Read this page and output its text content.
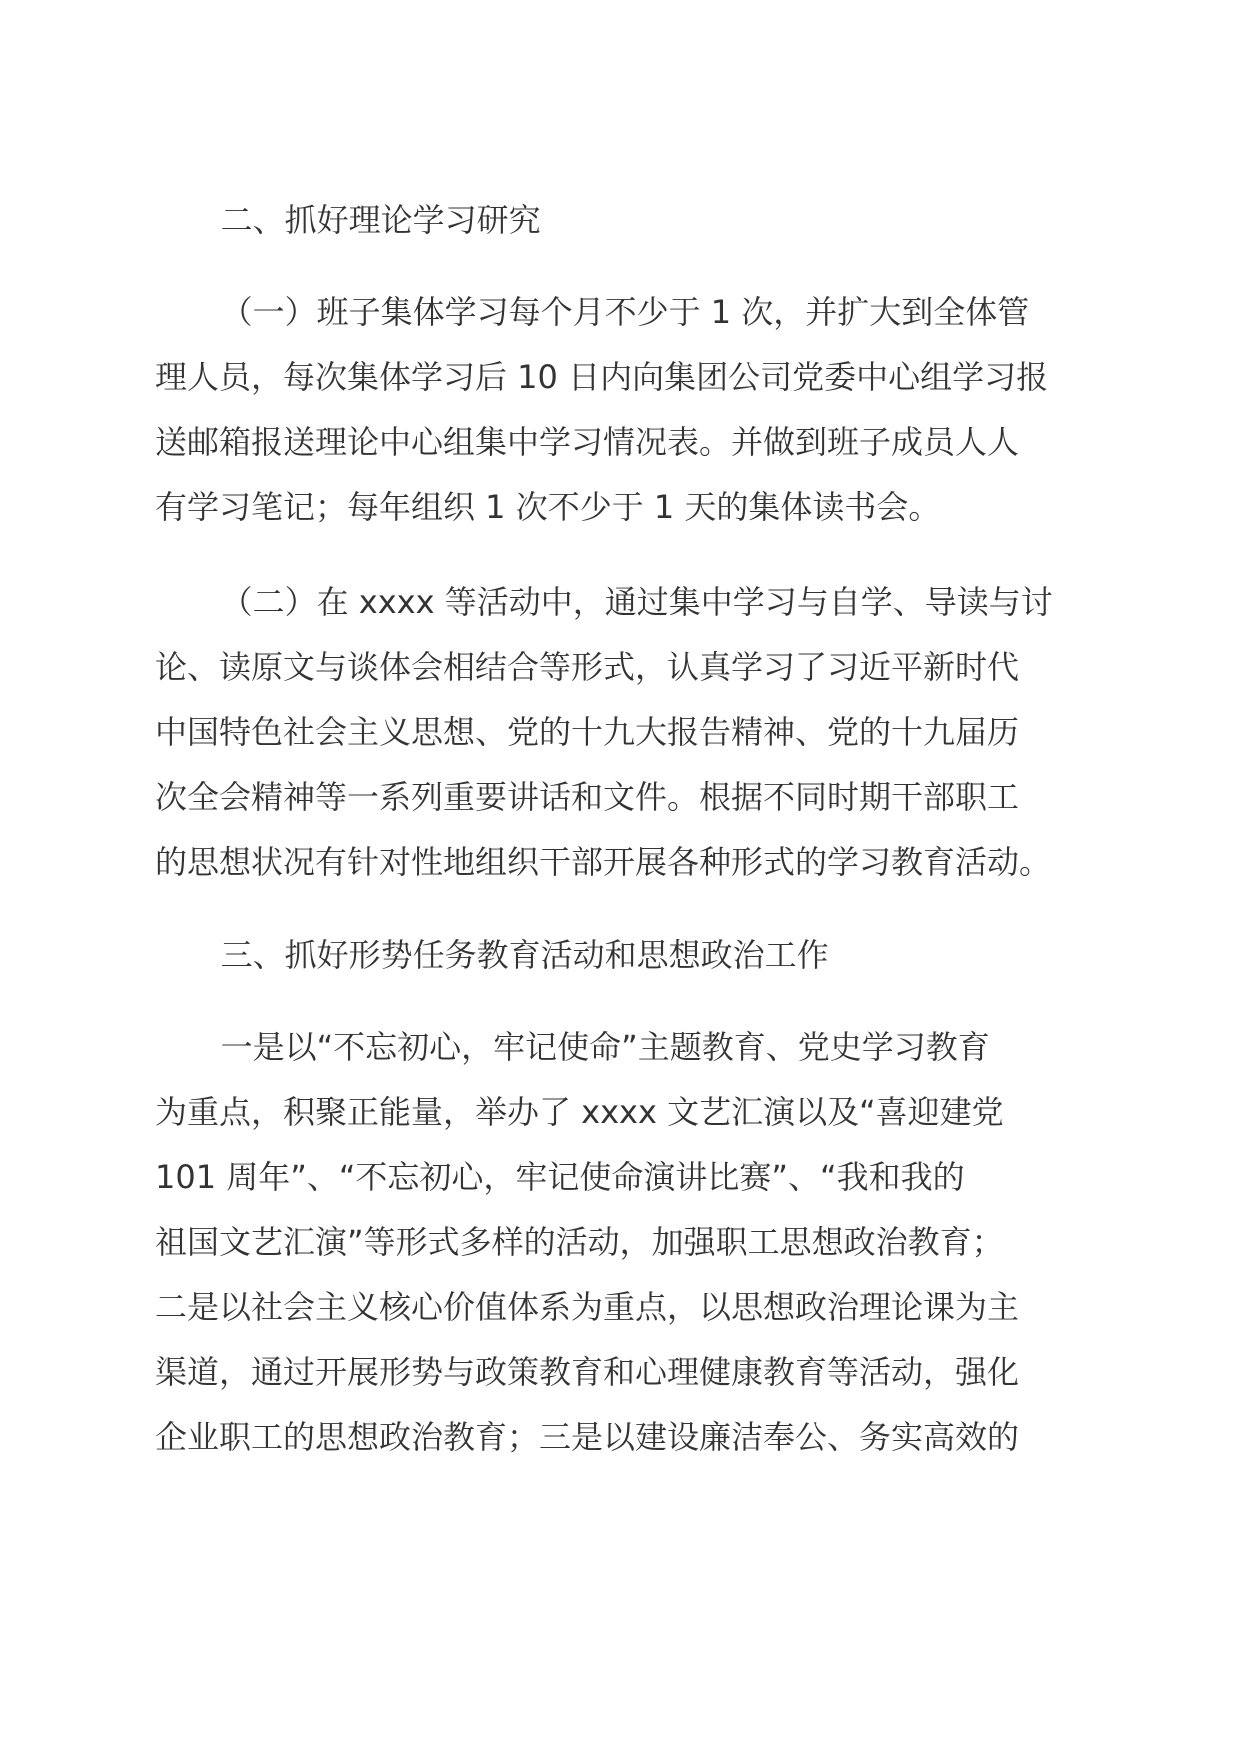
二、抓好理论学习研究

（一）班子集体学习每个月不少于 1 次，并扩大到全体管
理人员，每次集体学习后 10 日内向集团公司党委中心组学习报
送邮箱报送理论中心组集中学习情况表。并做到班子成员人人
有学习笔记；每年组织 1 次不少于 1 天的集体读书会。

（二）在 xxxx 等活动中，通过集中学习与自学、导读与讨
论、读原文与谈体会相结合等形式，认真学习了习近平新时代
中国特色社会主义思想、党的十九大报告精神、党的十九届历
次全会精神等一系列重要讲话和文件。根据不同时期干部职工
的思想状况有针对性地组织干部开展各种形式的学习教育活动。

三、抓好形势任务教育活动和思想政治工作

一是以“不忘初心，牢记使命”主题教育、党史学习教育
为重点，积聚正能量，举办了 xxxx 文艺汇演以及“喜迎建党
101 周年”、“不忘初心，牢记使命演讲比赛”、“我和我的
祖国文艺汇演”等形式多样的活动，加强职工思想政治教育；
二是以社会主义核心价值体系为重点，以思想政治理论课为主
渠道，通过开展形势与政策教育和心理健康教育等活动，强化
企业职工的思想政治教育；三是以建设廉洁奉公、务实高效的
